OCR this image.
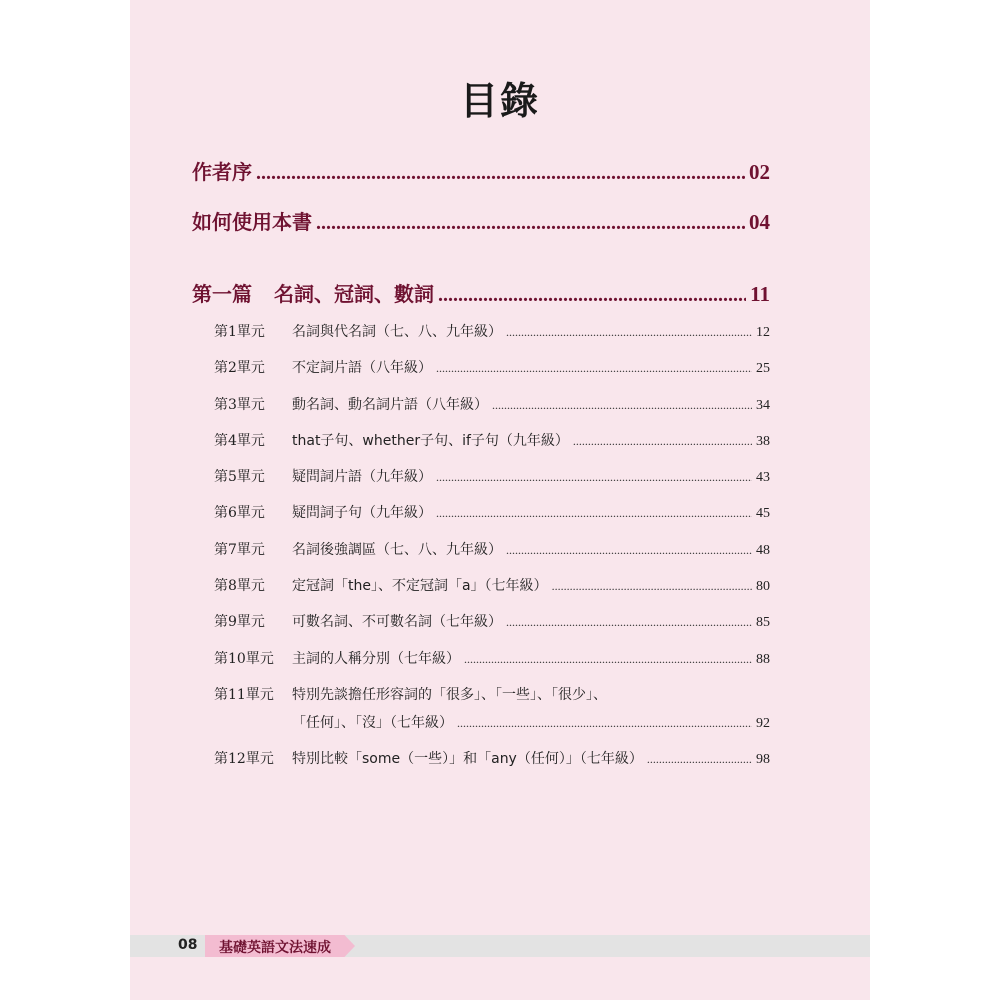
目錄
作者序 .....	02
如何使用本書 .....	04
第一篇 名詞、冠詞、數詞 .....	11
第1單元	名詞與代名詞（七、八、九年級） .....	12
第2單元	不定詞片語（八年級） .....	25
第3單元	動名詞、動名詞片語（八年級） .....	34
第4單元	that子句、whether子句、if子句（九年級） .....	38
第5單元	疑問詞片語（九年級） .....	43
第6單元	疑問詞子句（九年級） .....	45
第7單元	名詞後強調區（七、八、九年級） .....	48
第8單元	定冠詞「the」、不定冠詞「a」（七年級） .....	80
第9單元	可數名詞、不可數名詞（七年級） .....	85
第10單元	主詞的人稱分別（七年級） .....	88
第11單元	特別先談擔任形容詞的「很多」、「一些」、「很少」、
「任何」、「沒」（七年級） .....	92
第12單元	特別比較「some（一些）」和「any（任何）」（七年級） .....	98
08 基礎英語文法速成
